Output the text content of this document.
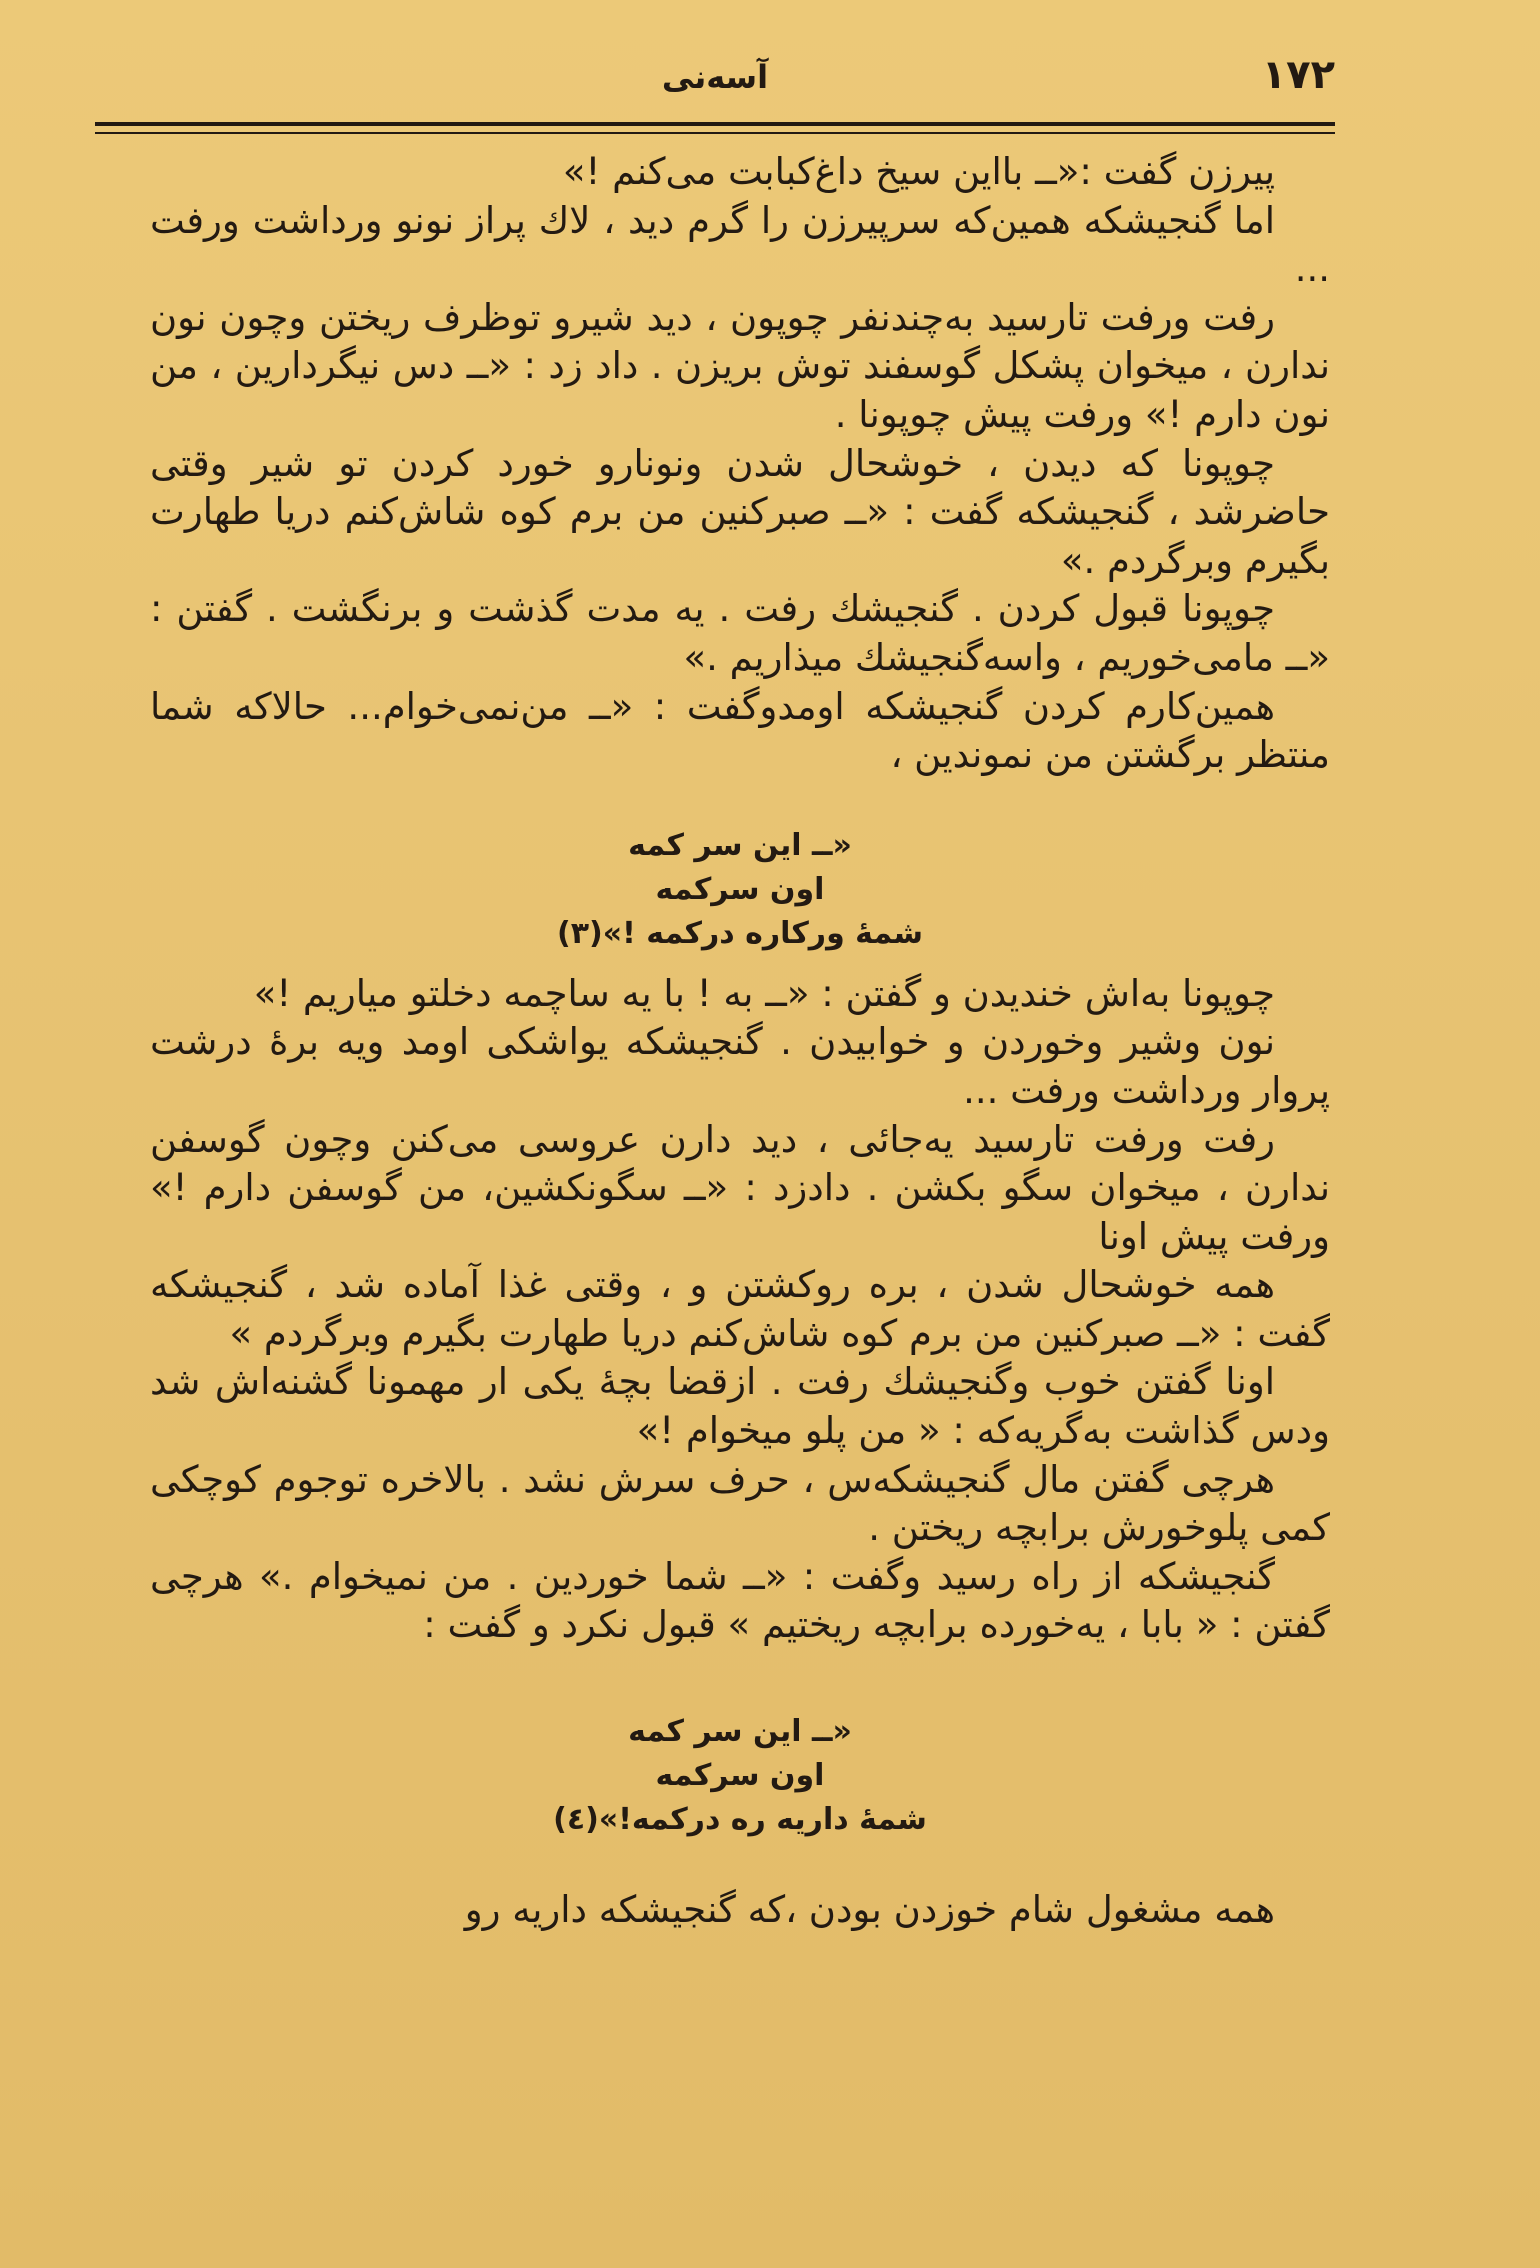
۱۷۲
آسه‌نی

پیرزن گفت :«ــ بااین سیخ داغ‌کبابت می‌کنم !»

اما گنجیشکه همین‌که سرپیرزن را گرم دید ، لاك پراز نونو ورداشت ورفت ...

رفت ورفت تارسید به‌چندنفر چوپون ، دید شیرو توظرف ریختن وچون نون ندارن ، میخوان پشکل گوسفند توش بریزن . داد زد : «ــ دس نیگردارین ، من نون دارم !» ورفت پیش چوپونا .

چوپونا که دیدن ، خوشحال شدن ونونارو خورد کردن تو شیر وقتی حاضرشد ، گنجیشکه گفت : «ــ صبرکنین من برم کوه شاش‌کنم دریا طهارت بگیرم وبرگردم .»

چوپونا قبول کردن . گنجیشك رفت . یه مدت گذشت و برنگشت . گفتن : «ــ مامی‌خوریم ، واسه‌گنجیشك میذاریم .»

همین‌کارم کردن گنجیشکه اومدوگفت : «ــ من‌نمی‌خوام... حالاکه شما منتظر برگشتن من نموندین ،

«ــ این سر کمه
اون سرکمه
شمهٔ ورکاره درکمه !»(۳)

چوپونا به‌اش خندیدن و گفتن : «ــ به ! با یه ساچمه دخلتو میاریم !»

نون وشیر وخوردن و خوابیدن . گنجیشکه یواشکی اومد ویه برهٔ درشت پروار ورداشت ورفت ...

رفت ورفت تارسید یه‌جائی ، دید دارن عروسی می‌کنن وچون گوسفن ندارن ، میخوان سگو بکشن . دادزد : «ــ سگونکشین، من گوسفن دارم !» ورفت پیش اونا

همه خوشحال شدن ، بره روکشتن و ، وقتی غذا آماده شد ، گنجیشکه گفت : «ــ صبرکنین من برم کوه شاش‌کنم دریا طهارت بگیرم وبرگردم »

اونا گفتن خوب وگنجیشك رفت . ازقضا بچهٔ یکی ار مهمونا گشنه‌اش شد ودس گذاشت به‌گریه‌که : « من پلو میخوام !»

هرچی گفتن مال گنجیشکه‌س ، حرف سرش نشد . بالاخره توجوم کوچکی کمی پلوخورش برابچه ریختن .

گنجیشکه از راه رسید وگفت : «ــ شما خوردین . من نمیخوام .» هرچی گفتن : « بابا ، یه‌خورده برابچه ریختیم » قبول نکرد و گفت :

«ــ این سر کمه
اون سرکمه
شمهٔ داریه ره درکمه!»(٤)

همه مشغول شام خوزدن بودن ،که گنجیشکه داریه رو
